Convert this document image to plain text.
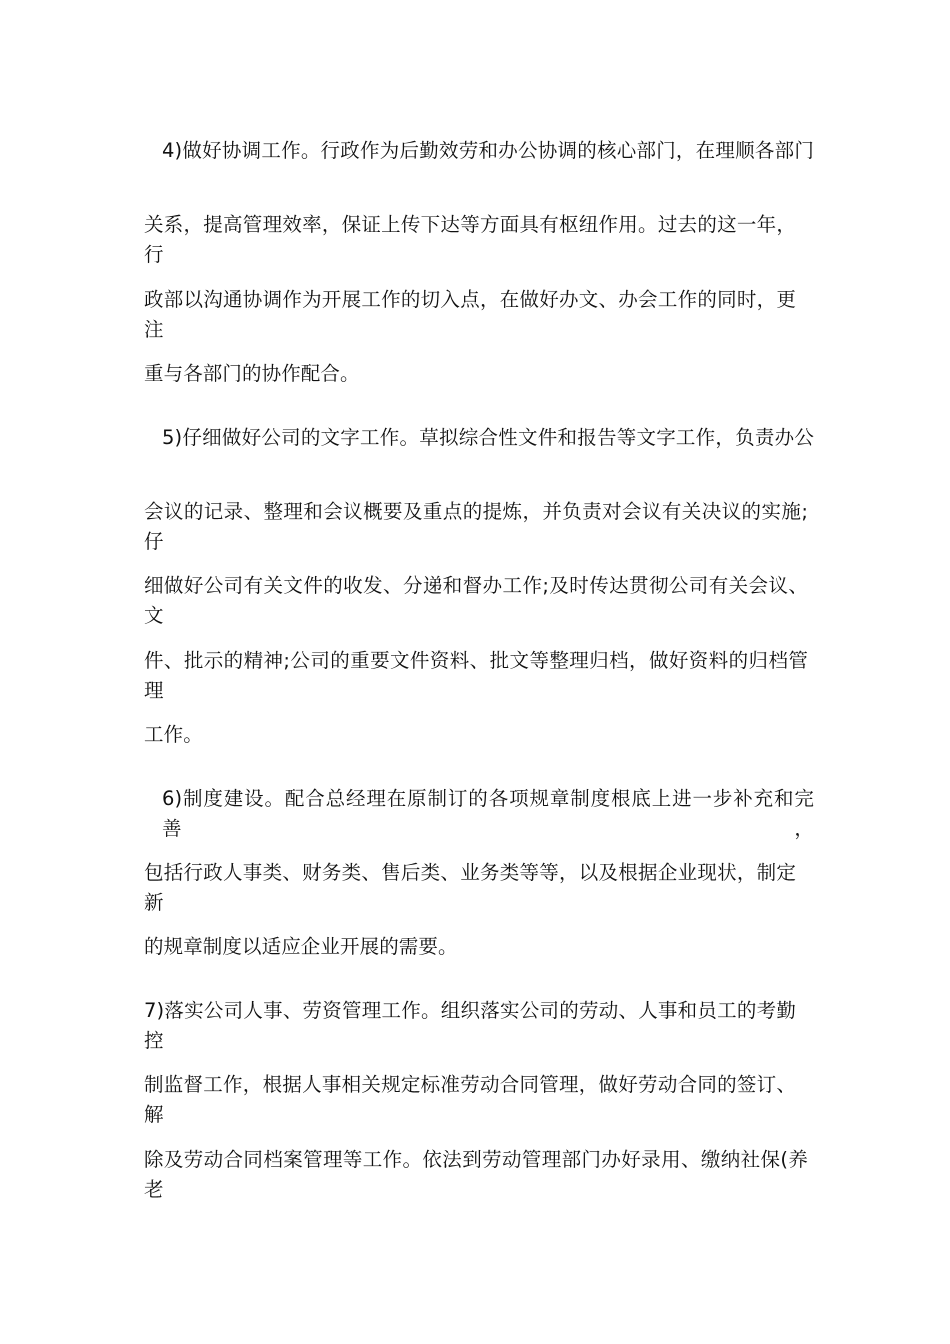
4)做好协调工作。行政作为后勤效劳和办公协调的核心部门，在理顺各部门
关系，提高管理效率，保证上传下达等方面具有枢纽作用。过去的这一年，行
政部以沟通协调作为开展工作的切入点，在做好办文、办会工作的同时，更注
重与各部门的协作配合。
5)仔细做好公司的文字工作。草拟综合性文件和报告等文字工作，负责办公
会议的记录、整理和会议概要及重点的提炼，并负责对会议有关决议的实施;仔
细做好公司有关文件的收发、分递和督办工作;及时传达贯彻公司有关会议、文
件、批示的精神;公司的重要文件资料、批文等整理归档，做好资料的归档管理
工作。
6)制度建设。配合总经理在原制订的各项规章制度根底上进一步补充和完善，
包括行政人事类、财务类、售后类、业务类等等，以及根据企业现状，制定新
的规章制度以适应企业开展的需要。
7)落实公司人事、劳资管理工作。组织落实公司的劳动、人事和员工的考勤控
制监督工作，根据人事相关规定标准劳动合同管理，做好劳动合同的签订、解
除及劳动合同档案管理等工作。依法到劳动管理部门办好录用、缴纳社保(养老
